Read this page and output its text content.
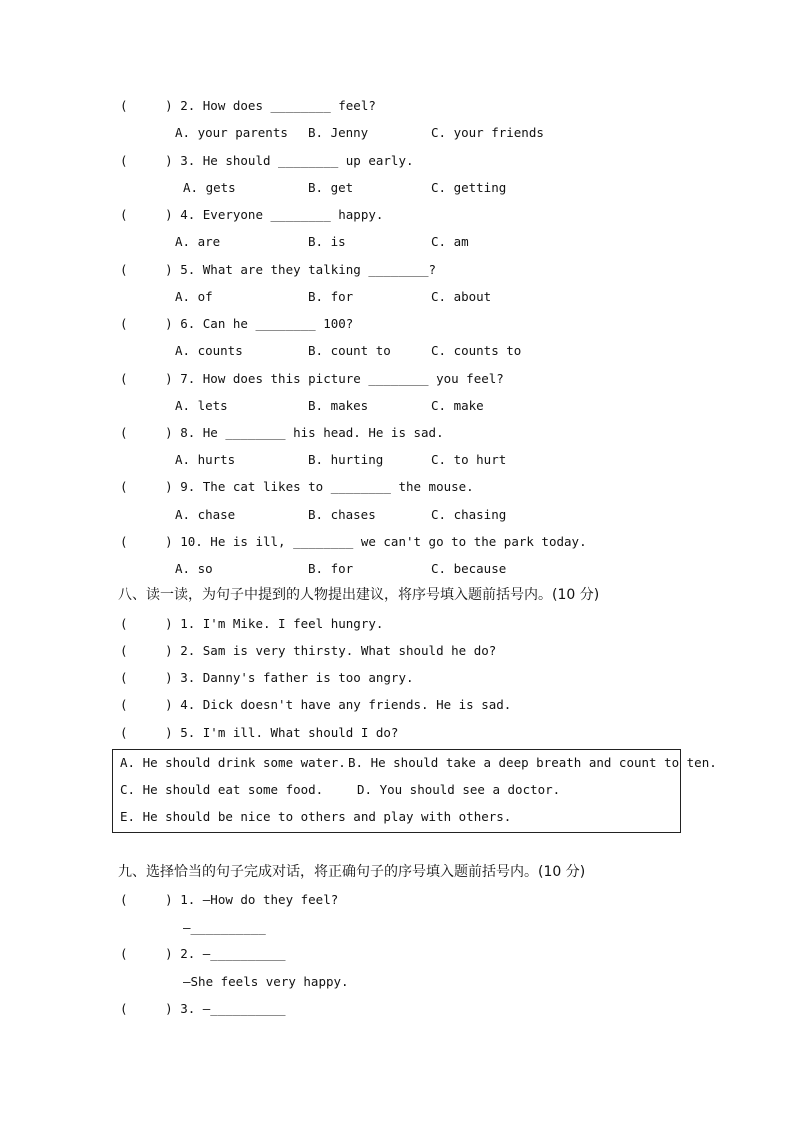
(     ) 2. How does ________ feel?
A. your parents B. Jenny	C. your friends
(     ) 3. He should ________ up early.
A. gets	B. get	C. getting
(     ) 4. Everyone ________ happy.
A. are	B. is	C. am
(     ) 5. What are they talking ________?
A. of	B. for	C. about
(     ) 6. Can he ________ 100?
A. counts	B. count to	C. counts to
(     ) 7. How does this picture ________ you feel?
A. lets	B. makes	C. make
(     ) 8. He ________ his head. He is sad.
A. hurts	B. hurting	C. to hurt
(     ) 9. The cat likes to ________ the mouse.
A. chase	B. chases	C. chasing
(     ) 10. He is ill, ________ we can't go to the park today.
A. so	B. for	C. because
八、读一读，为句子中提到的人物提出建议，将序号填入题前括号内。(10 分)
(     ) 1. I'm Mike. I feel hungry.
(     ) 2. Sam is very thirsty. What should he do?
(     ) 3. Danny's father is too angry.
(     ) 4. Dick doesn't have any friends. He is sad.
(     ) 5. I'm ill. What should I do?
A. He should drink some water. B. He should take a deep breath and count to ten.
C. He should eat some food.	D. You should see a doctor.
E. He should be nice to others and play with others.
九、选择恰当的句子完成对话，将正确句子的序号填入题前括号内。(10 分)
(     ) 1. —How do they feel?
—__________
(     ) 2. —__________
—She feels very happy.
(     ) 3. —__________
